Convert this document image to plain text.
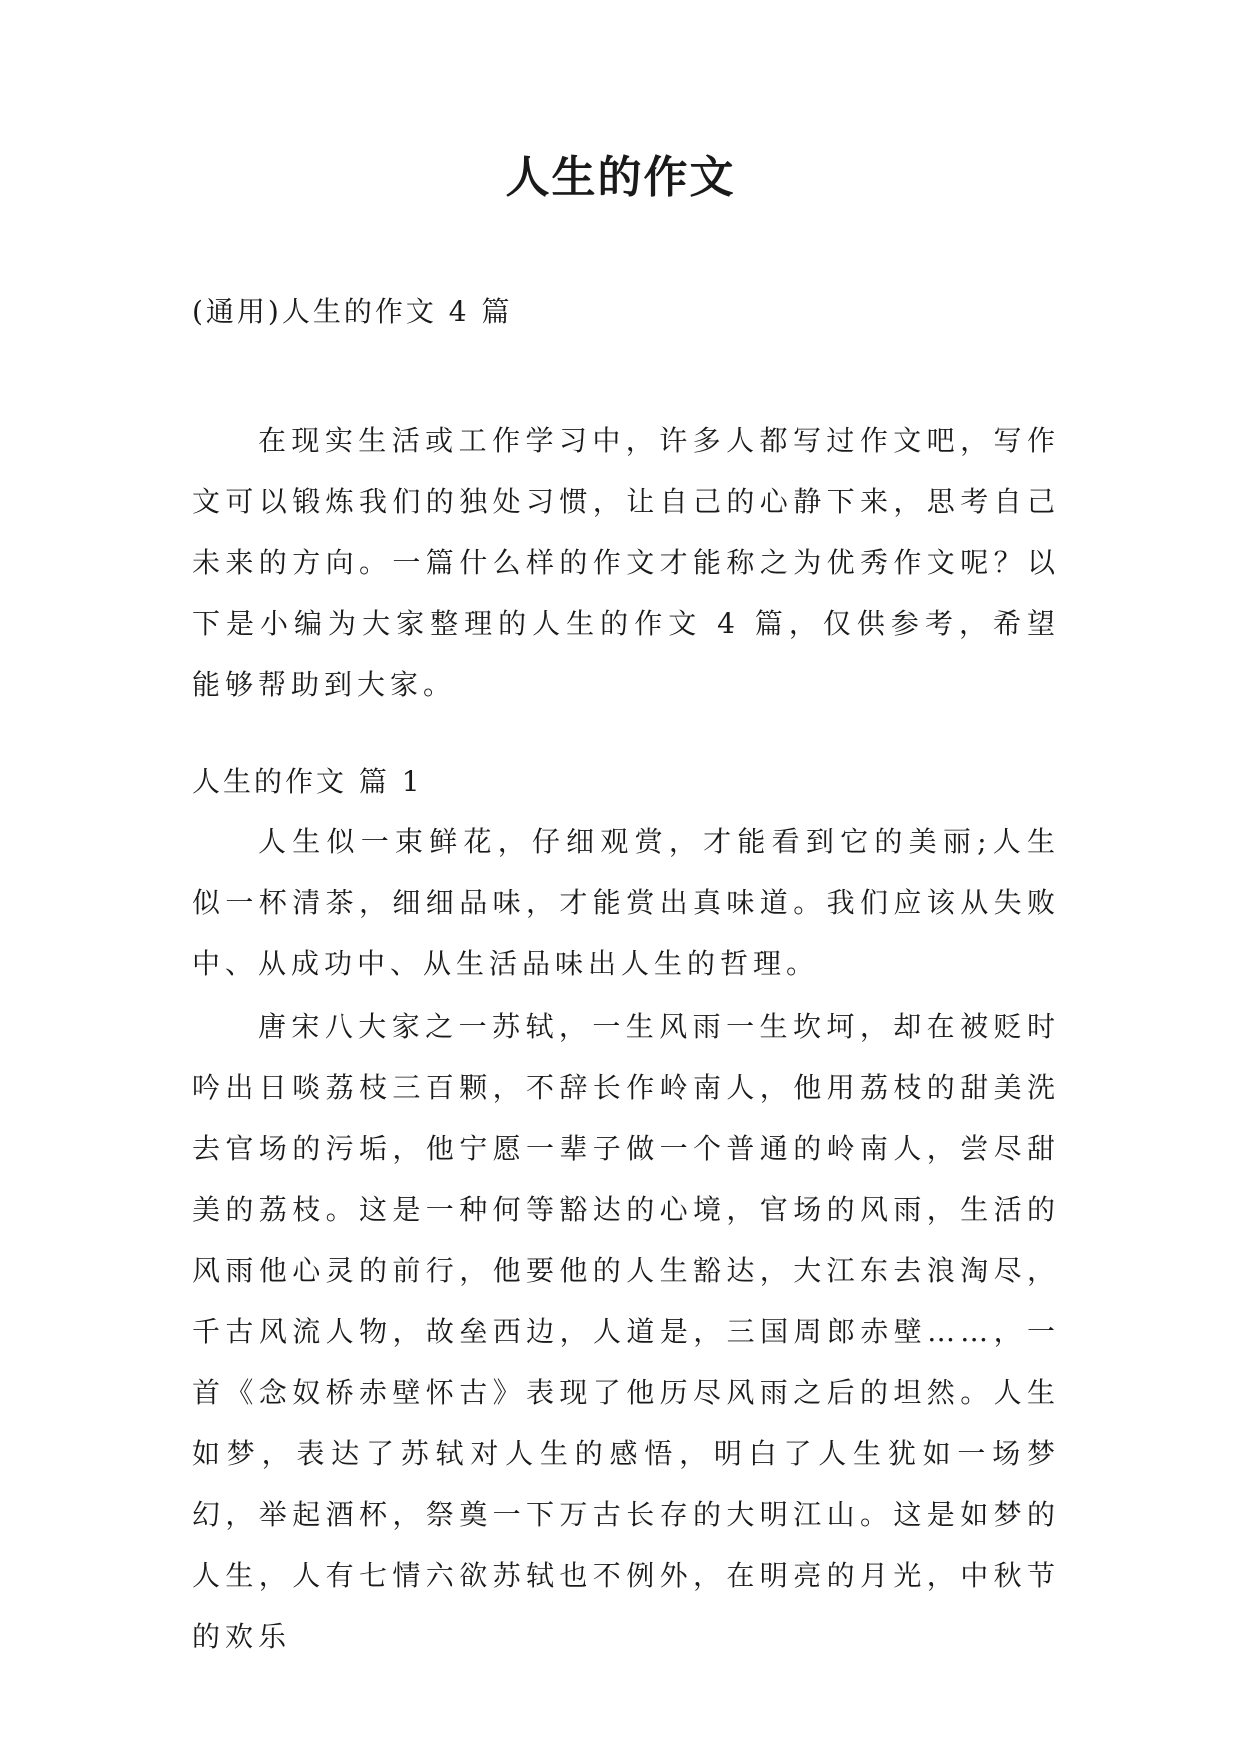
人生的作文
(通用)人生的作文 4 篇
在现实生活或工作学习中，许多人都写过作文吧，写作文可以锻炼我们的独处习惯，让自己的心静下来，思考自己未来的方向。一篇什么样的作文才能称之为优秀作文呢？以下是小编为大家整理的人生的作文 4 篇，仅供参考，希望能够帮助到大家。
人生的作文 篇 1
人生似一束鲜花，仔细观赏，才能看到它的美丽;人生似一杯清茶，细细品味，才能赏出真味道。我们应该从失败中、从成功中、从生活品味出人生的哲理。
唐宋八大家之一苏轼，一生风雨一生坎坷，却在被贬时吟出日啖荔枝三百颗，不辞长作岭南人，他用荔枝的甜美洗去官场的污垢，他宁愿一辈子做一个普通的岭南人，尝尽甜美的荔枝。这是一种何等豁达的心境，官场的风雨，生活的风雨他心灵的前行，他要他的人生豁达，大江东去浪淘尽，千古风流人物，故垒西边，人道是，三国周郎赤壁……，一首《念奴桥赤壁怀古》表现了他历尽风雨之后的坦然。人生如梦，表达了苏轼对人生的感悟，明白了人生犹如一场梦幻，举起酒杯，祭奠一下万古长存的大明江山。这是如梦的人生，人有七情六欲苏轼也不例外，在明亮的月光，中秋节的欢乐
